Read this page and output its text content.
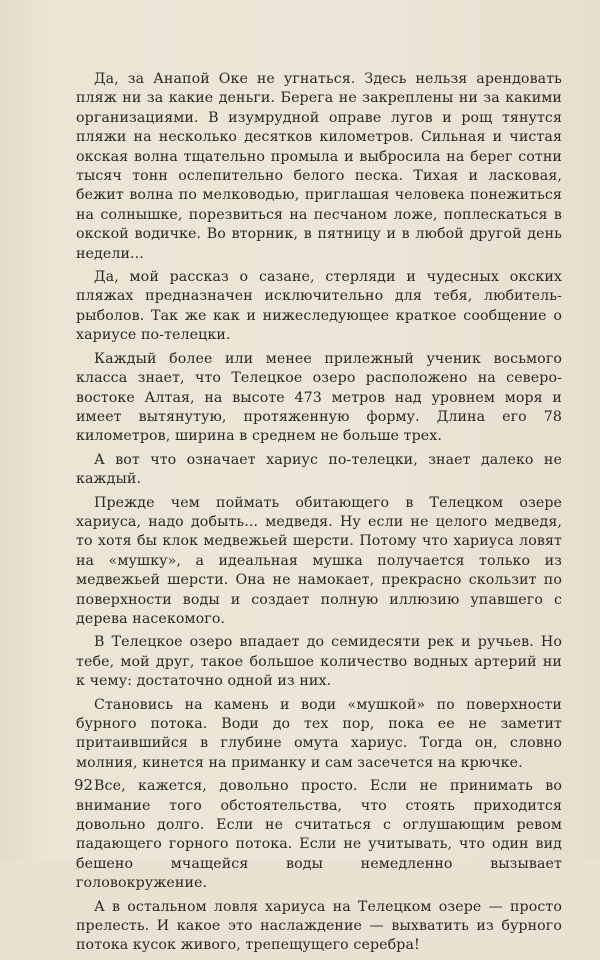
Да, за Анапой Оке не угнаться. Здесь нельзя арендовать пляж ни за какие деньги. Берега не закреплены ни за какими организациями. В изумрудной оправе лугов и рощ тянутся пляжи на несколько десятков километров. Сильная и чистая окская волна тщательно промыла и выбросила на берег сотни тысяч тонн ослепительно белого песка. Тихая и ласковая, бежит волна по мелководью, приглашая человека понежиться на солнышке, порезвиться на песчаном ложе, поплескаться в окской водичке. Во вторник, в пятницу и в любой другой день недели...

Да, мой рассказ о сазане, стерляди и чудесных окских пляжах предназначен исключительно для тебя, любитель-рыболов. Так же как и нижеследующее краткое сообщение о хариусе по-телецки.

Каждый более или менее прилежный ученик восьмого класса знает, что Телецкое озеро расположено на северо-востоке Алтая, на высоте 473 метров над уровнем моря и имеет вытянутую, протяженную форму. Длина его 78 километров, ширина в среднем не больше трех.

А вот что означает хариус по-телецки, знает далеко не каждый.

Прежде чем поймать обитающего в Телецком озере хариуса, надо добыть... медведя. Ну если не целого медведя, то хотя бы клок медвежьей шерсти. Потому что хариуса ловят на «мушку», а идеальная мушка получается только из медвежьей шерсти. Она не намокает, прекрасно скользит по поверхности воды и создает полную иллюзию упавшего с дерева насекомого.

В Телецкое озеро впадает до семидесяти рек и ручьев. Но тебе, мой друг, такое большое количество водных артерий ни к чему: достаточно одной из них.

Становись на камень и води «мушкой» по поверхности бурного потока. Води до тех пор, пока ее не заметит притаившийся в глубине омута хариус. Тогда он, словно молния, кинется на приманку и сам засечется на крючке.

Все, кажется, довольно просто. Если не принимать во внимание того обстоятельства, что стоять приходится довольно долго. Если не считаться с оглушающим ревом падающего горного потока. Если не учитывать, что один вид бешено мчащейся воды немедленно вызывает головокружение.

А в остальном ловля хариуса на Телецком озере — просто прелесть. И какое это наслаждение — выхватить из бурного потока кусок живого, трепещущего серебра!

92
